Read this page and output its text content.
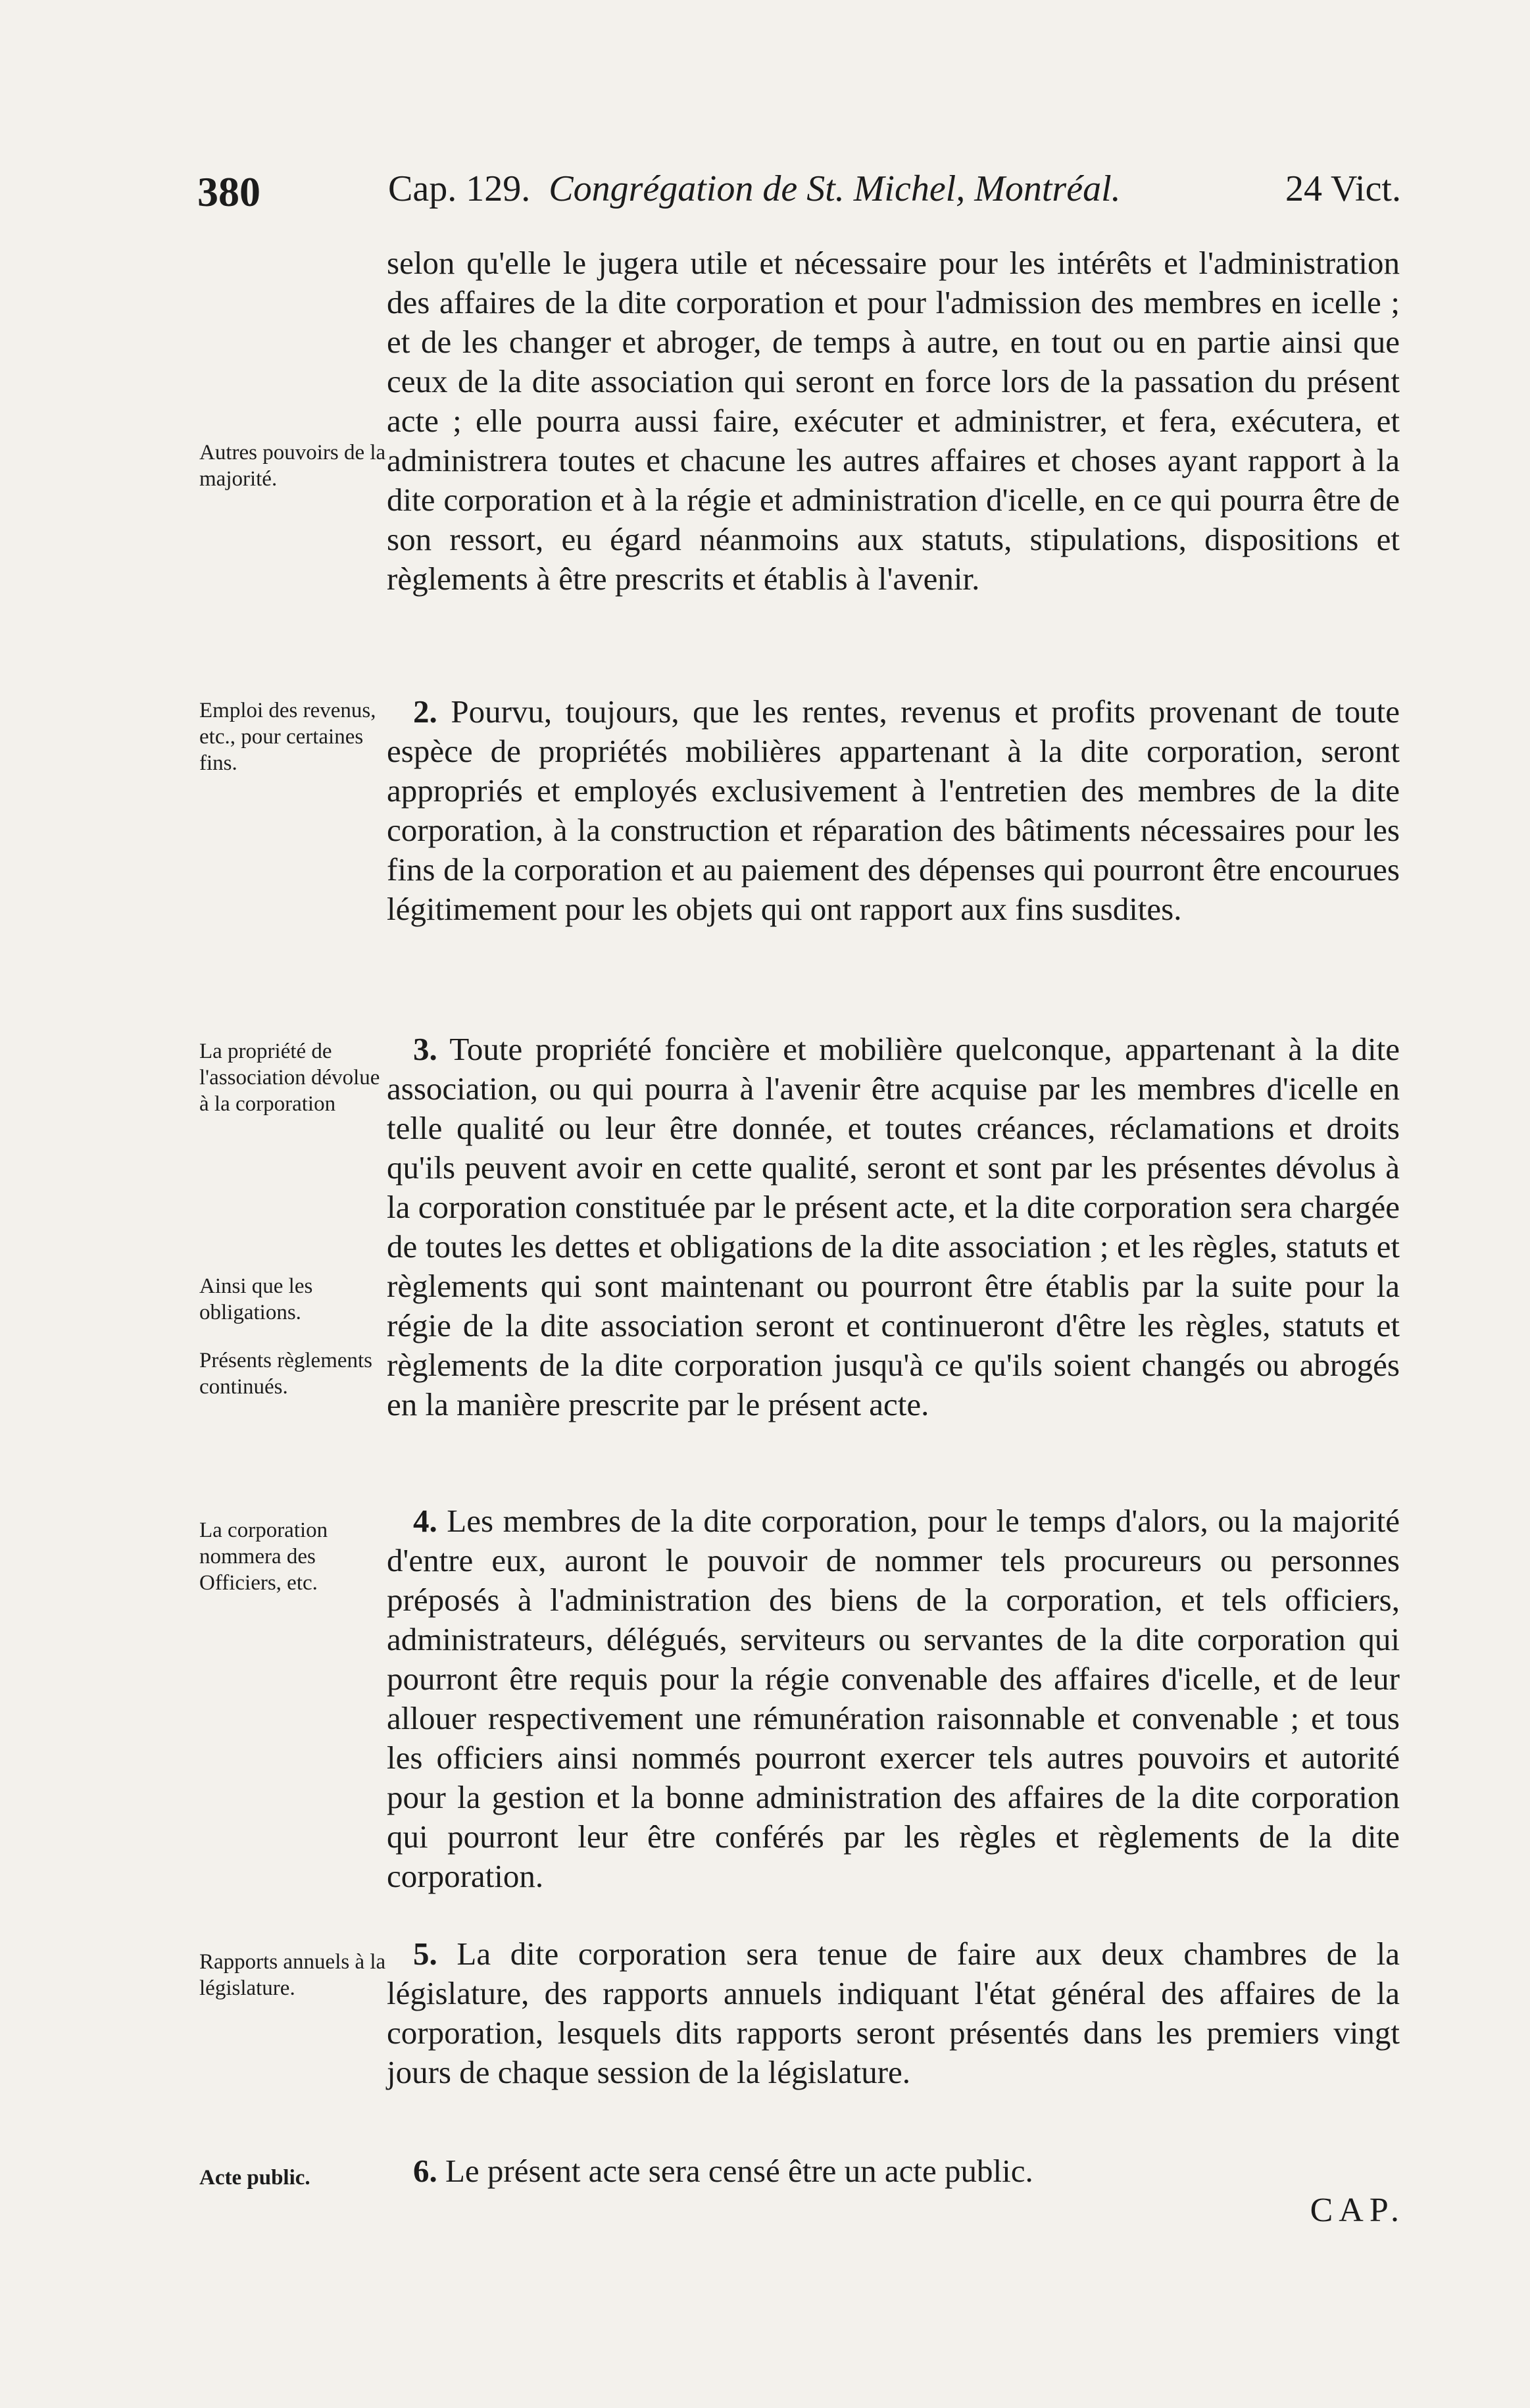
380	Cap. 129. Congrégation de St. Michel, Montréal.	24 Vict.

selon qu'elle le jugera utile et nécessaire pour les intérêts et l'administration des affaires de la dite corporation et pour l'admission des membres en icelle ; et de les changer et abroger, de temps à autre, en tout ou en partie ainsi que ceux de la dite association qui seront en force lors de la passation du présent acte ; elle pourra aussi faire, exécuter et administrer, et fera, exécutera, et administrera toutes et chacune les autres affaires et choses ayant rapport à la dite corporation et à la régie et administration d'icelle, en ce qui pourra être de son ressort, eu égard néanmoins aux statuts, stipulations, dispositions et règlements à être prescrits et établis à l'avenir.

2. Pourvu, toujours, que les rentes, revenus et profits provenant de toute espèce de propriétés mobilières appartenant à la dite corporation, seront appropriés et employés exclusivement à l'entretien des membres de la dite corporation, à la construction et réparation des bâtiments nécessaires pour les fins de la corporation et au paiement des dépenses qui pourront être encourues légitimement pour les objets qui ont rapport aux fins susdites.

3. Toute propriété foncière et mobilière quelconque, appartenant à la dite association, ou qui pourra à l'avenir être acquise par les membres d'icelle en telle qualité ou leur être donnée, et toutes créances, réclamations et droits qu'ils peuvent avoir en cette qualité, seront et sont par les présentes dévolus à la corporation constituée par le présent acte, et la dite corporation sera chargée de toutes les dettes et obligations de la dite association ; et les règles, statuts et règlements qui sont maintenant ou pourront être établis par la suite pour la régie de la dite association seront et continueront d'être les règles, statuts et règlements de la dite corporation jusqu'à ce qu'ils soient changés ou abrogés en la manière prescrite par le présent acte.

4. Les membres de la dite corporation, pour le temps d'alors, ou la majorité d'entre eux, auront le pouvoir de nommer tels procureurs ou personnes préposés à l'administration des biens de la corporation, et tels officiers, administrateurs, délégués, serviteurs ou servantes de la dite corporation qui pourront être requis pour la régie convenable des affaires d'icelle, et de leur allouer respectivement une rémunération raisonnable et convenable ; et tous les officiers ainsi nommés pourront exercer tels autres pouvoirs et autorité pour la gestion et la bonne administration des affaires de la dite corporation qui pourront leur être conférés par les règles et règlements de la dite corporation.

5. La dite corporation sera tenue de faire aux deux chambres de la législature, des rapports annuels indiquant l'état général des affaires de la corporation, lesquels dits rapports seront présentés dans les premiers vingt jours de chaque session de la législature.

6. Le présent acte sera censé être un acte public.

Autres pouvoirs de la majorité.
Emploi des revenus, etc., pour certaines fins.
La propriété de l'association dévolue à la corporation
Ainsi que les obligations.
Présents règlements continués.
La corporation nommera des Officiers, etc.
Rapports annuels à la législature.
Acte public.
CAP.
